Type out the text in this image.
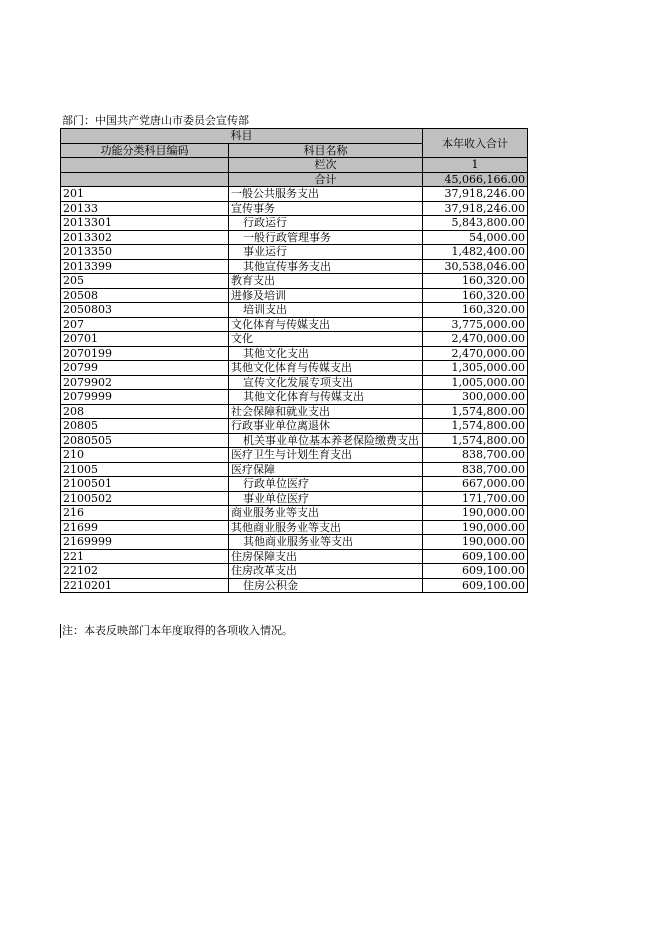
部门：中国共产党唐山市委员会宣传部
科目		本年收入合计
功能分类科目编码	科目名称	
	栏次	1
	合计	45,066,166.00
201	一般公共服务支出	37,918,246.00
20133	宣传事务	37,918,246.00
2013301	行政运行	5,843,800.00
2013302	一般行政管理事务	54,000.00
2013350	事业运行	1,482,400.00
2013399	其他宣传事务支出	30,538,046.00
205	教育支出	160,320.00
20508	进修及培训	160,320.00
2050803	培训支出	160,320.00
207	文化体育与传媒支出	3,775,000.00
20701	文化	2,470,000.00
2070199	其他文化支出	2,470,000.00
20799	其他文化体育与传媒支出	1,305,000.00
2079902	宣传文化发展专项支出	1,005,000.00
2079999	其他文化体育与传媒支出	300,000.00
208	社会保障和就业支出	1,574,800.00
20805	行政事业单位离退休	1,574,800.00
2080505	机关事业单位基本养老保险缴费支出	1,574,800.00
210	医疗卫生与计划生育支出	838,700.00
21005	医疗保障	838,700.00
2100501	行政单位医疗	667,000.00
2100502	事业单位医疗	171,700.00
216	商业服务业等支出	190,000.00
21699	其他商业服务业等支出	190,000.00
2169999	其他商业服务业等支出	190,000.00
221	住房保障支出	609,100.00
22102	住房改革支出	609,100.00
2210201	住房公积金	609,100.00
注：本表反映部门本年度取得的各项收入情况。
